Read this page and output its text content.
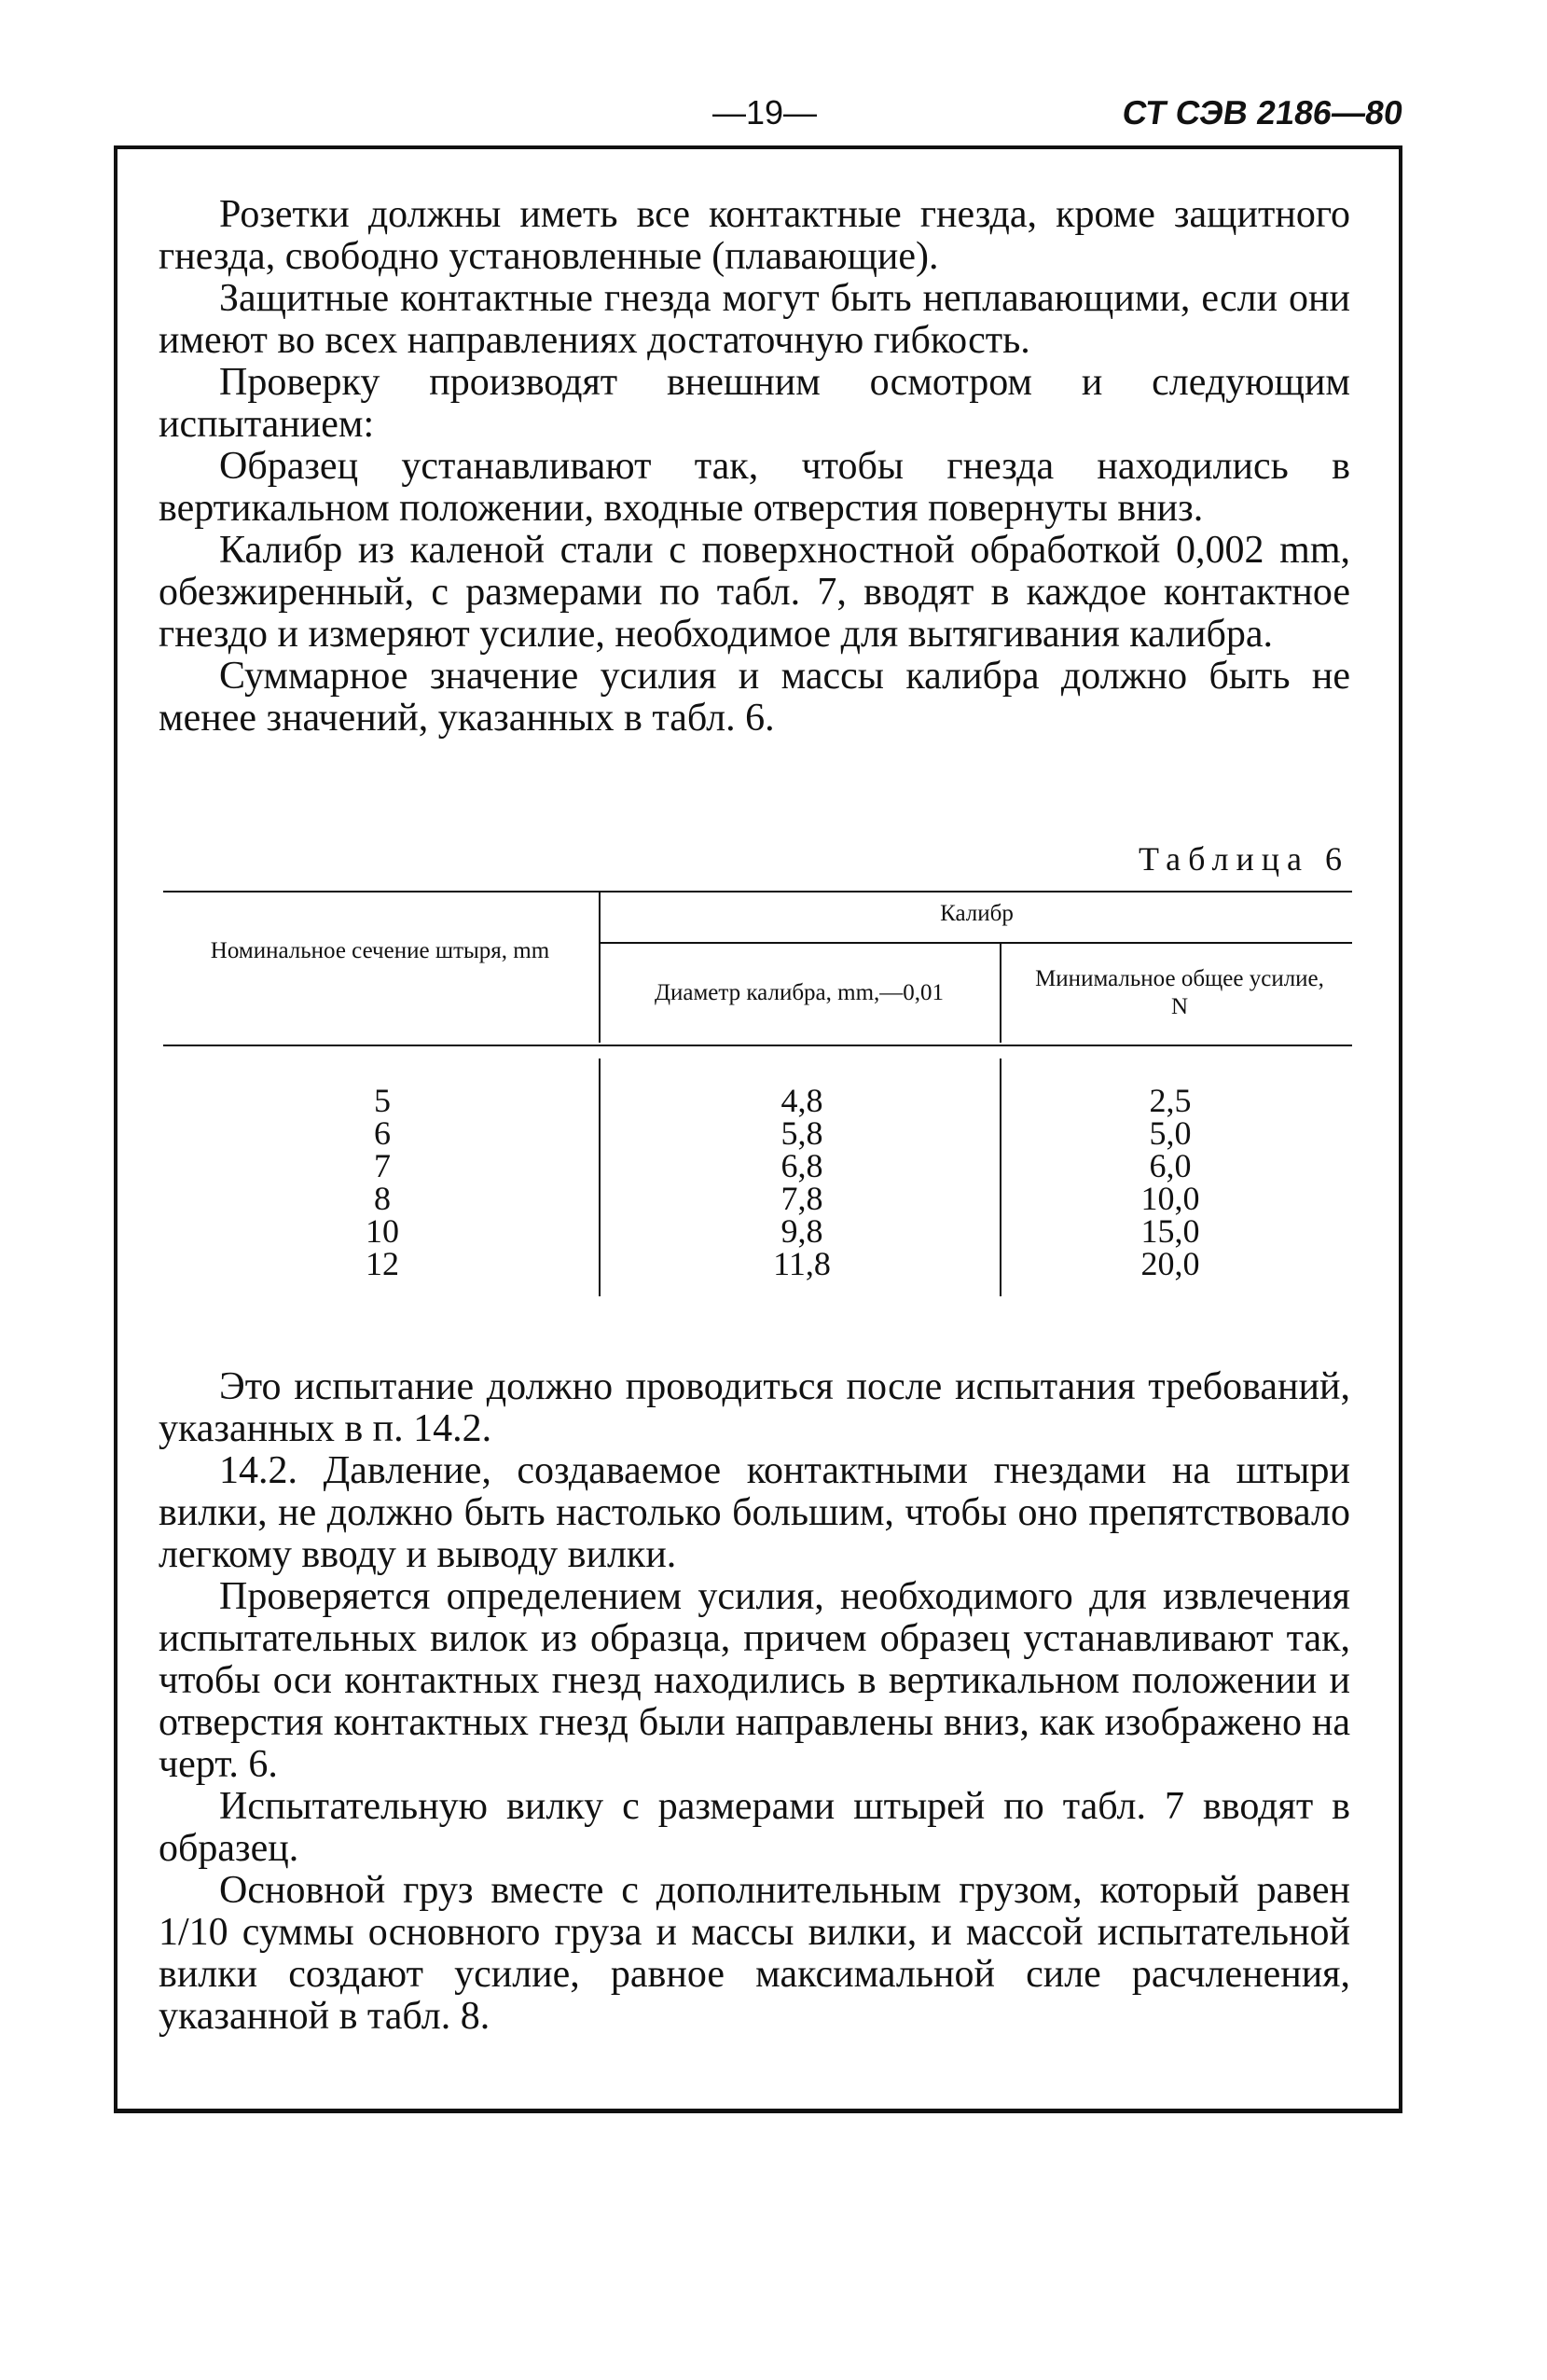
—19—	СТ СЭВ 2186—80

Розетки должны иметь все контактные гнезда, кроме защитного гнезда, свободно установленные (плавающие).

Защитные контактные гнезда могут быть неплавающими, если они имеют во всех направлениях достаточную гибкость.

Проверку производят внешним осмотром и следующим испытанием:

Образец устанавливают так, чтобы гнезда находились в вертикальном положении, входные отверстия повернуты вниз.

Калибр из каленой стали с поверхностной обработкой 0,002 mm, обезжиренный, с размерами по табл. 7, вводят в каждое контактное гнездо и измеряют усилие, необходимое для вытягивания калибра.

Суммарное значение усилия и массы калибра должно быть не менее значений, указанных в табл. 6.

Таблица 6
Номинальное сечение штыря, mm
Калибр
Диаметр калибра, mm,—0,01
Минимальное общее усилие, N
5
6
7
8
10
12
4,8
5,8
6,8
7,8
9,8
11,8
2,5
5,0
6,0
10,0
15,0
20,0

Это испытание должно проводиться после испытания требований, указанных в п. 14.2.

14.2. Давление, создаваемое контактными гнездами на штыри вилки, не должно быть настолько большим, чтобы оно препятствовало легкому вводу и выводу вилки.

Проверяется определением усилия, необходимого для извлечения испытательных вилок из образца, причем образец устанавливают так, чтобы оси контактных гнезд находились в вертикальном положении и отверстия контактных гнезд были направлены вниз, как изображено на черт. 6.

Испытательную вилку с размерами штырей по табл. 7 вводят в образец.

Основной груз вместе с дополнительным грузом, который равен 1/10 суммы основного груза и массы вилки, и массой испытательной вилки создают усилие, равное максимальной силе расчленения, указанной в табл. 8.
